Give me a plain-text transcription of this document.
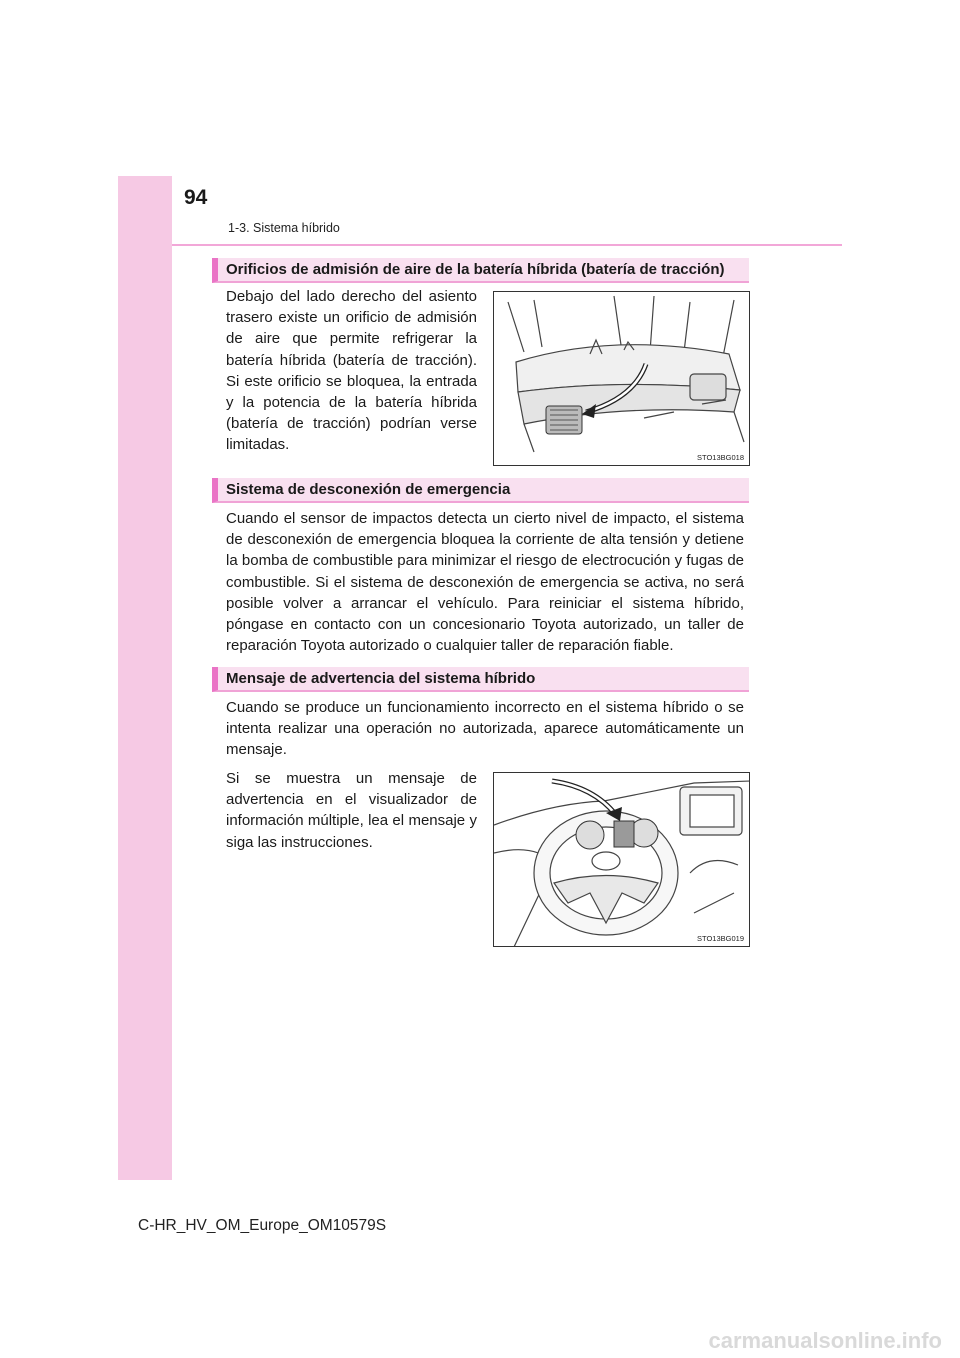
94
1-3. Sistema híbrido
Orificios de admisión de aire de la batería híbrida (batería de tracción)

Debajo del lado derecho del asiento trasero existe un orificio de admisión de aire que permite refrigerar la batería híbrida (batería de tracción). Si este orificio se bloquea, la entrada y la potencia de la batería híbrida (batería de tracción) podrían verse limitadas.

STO13BG018
Sistema de desconexión de emergencia

Cuando el sensor de impactos detecta un cierto nivel de impacto, el sistema de desconexión de emergencia bloquea la corriente de alta tensión y detiene la bomba de combustible para minimizar el riesgo de electrocución y fugas de combustible. Si el sistema de desconexión de emergencia se activa, no será posible volver a arrancar el vehículo. Para reiniciar el sistema híbrido, póngase en contacto con un concesionario Toyota autorizado, un taller de reparación Toyota autorizado o cualquier taller de reparación fiable.

Mensaje de advertencia del sistema híbrido

Cuando se produce un funcionamiento incorrecto en el sistema híbrido o se intenta realizar una operación no autorizada, aparece automáticamente un mensaje.

Si se muestra un mensaje de advertencia en el visualizador de información múltiple, lea el mensaje y siga las instrucciones.

STO13BG019
C-HR_HV_OM_Europe_OM10579S
carmanualsonline.info
